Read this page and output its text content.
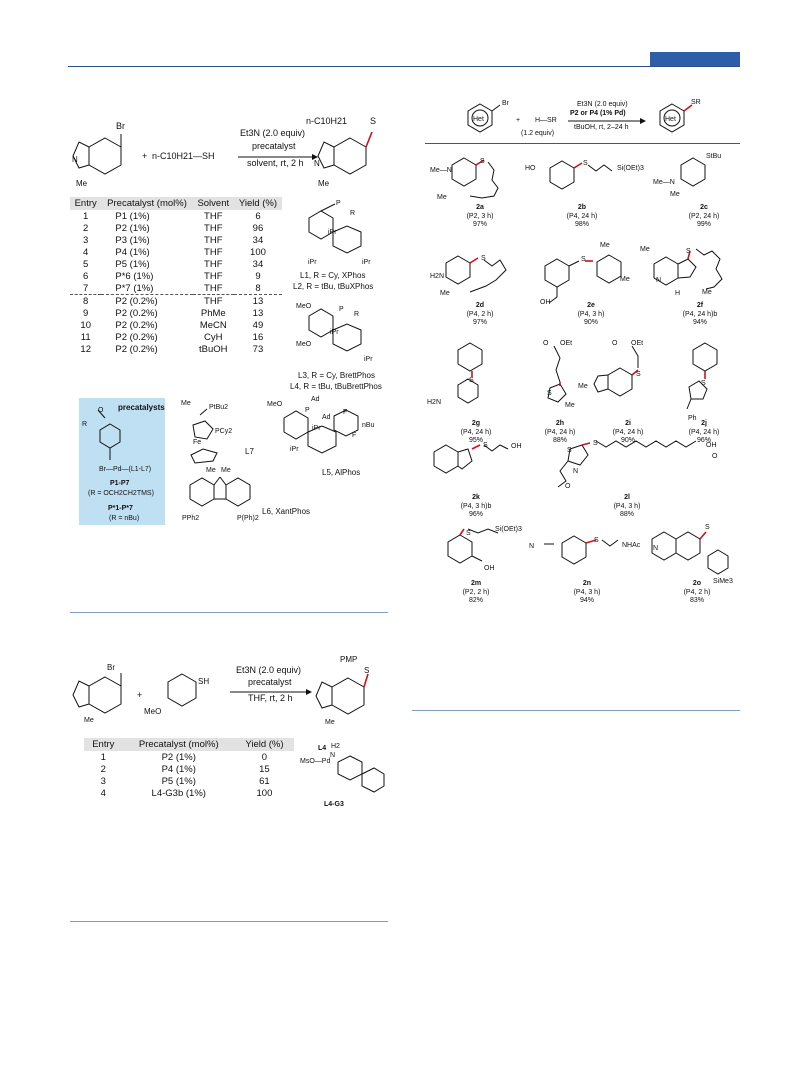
Br
N
Me
+ n-C10H21—SH
Et3N (2.0 equiv)
precatalyst
solvent, rt, 2 h
n-C10H21	S
N
Me
Entry	Precatalyst (mol%)	Solvent	Yield (%)
1	P1 (1%)	THF	6
2	P2 (1%)	THF	96
3	P3 (1%)	THF	34
4	P4 (1%)	THF	100
5	P5 (1%)	THF	34
6	P*6 (1%)	THF	9
7	P*7 (1%)	THF	8
8	P2 (0.2%)	THF	13
9	P2 (0.2%)	PhMe	13
10	P2 (0.2%)	MeCN	49
11	P2 (0.2%)	CyH	16
12	P2 (0.2%)	tBuOH	73
P
R
iPr
iPr	iPr
L1, R = Cy, XPhos
L2, R = tBu, tBuXPhos
MeO
MeO
P
R
iPr
iPr
L3, R = Cy, BrettPhos
L4, R = tBu, tBuBrettPhos
precatalysts
R
O
Br—Pd—(L1-L7)
P1-P7
(R = OCH2CH2TMS)
P*1-P*7
(R = nBu)
Me
PtBu2
PCy2
Fe
L7
MeO
Ad
P
Ad
F
nBu
F
iPr
iPr
L5, AlPhos
Me Me
PPh2	P(Ph)2
L6, XantPhos
Br
Me
+
SH
MeO
Et3N (2.0 equiv)
precatalyst
THF, rt, 2 h
PMP
S
Me
Entry	Precatalyst (mol%)	Yield (%)
1	P2 (1%)	0
2	P4 (1%)	15
3	P5 (1%)	61
4	L4-G3b (1%)	100
L4 H2
N
MsO—Pd
L4-G3
Het
Br
+ H—SR
(1.2 equiv)
Et3N (2.0 equiv)
P2 or P4 (1% Pd)
tBuOH, rt, 2–24 h
Het
SR
Me—N
S
Me
HO
S
Si(OEt)3
StBu
Me—N
Me
H2N
S
Me
S
Me
Me
Me
OH
S
N
H	Me
S
H2N
O OEt
S
Me
O OEt
Me
S
S
Ph
S	OH
S
S
N
O
OH
O
S
Si(OEt)3
OH
N
S
NHAc N
S
SiMe3
2a
(P2, 3 h)
97%
2b
(P4, 24 h)
98%
2c
(P2, 24 h)
99%
2d
(P4, 2 h)
97%
2e
(P4, 3 h)
90%
2f
(P4, 24 h)b
94%
2g
(P4, 24 h)
95%
2h
(P4, 24 h)
88%
2i
(P4, 24 h)
90%
2j
(P4, 24 h)
96%
2k
(P4, 3 h)b
96%
2l
(P4, 3 h)
88%
2m
(P2, 2 h)
82%
2n
(P4, 3 h)
94%
2o
(P4, 2 h)
83%
